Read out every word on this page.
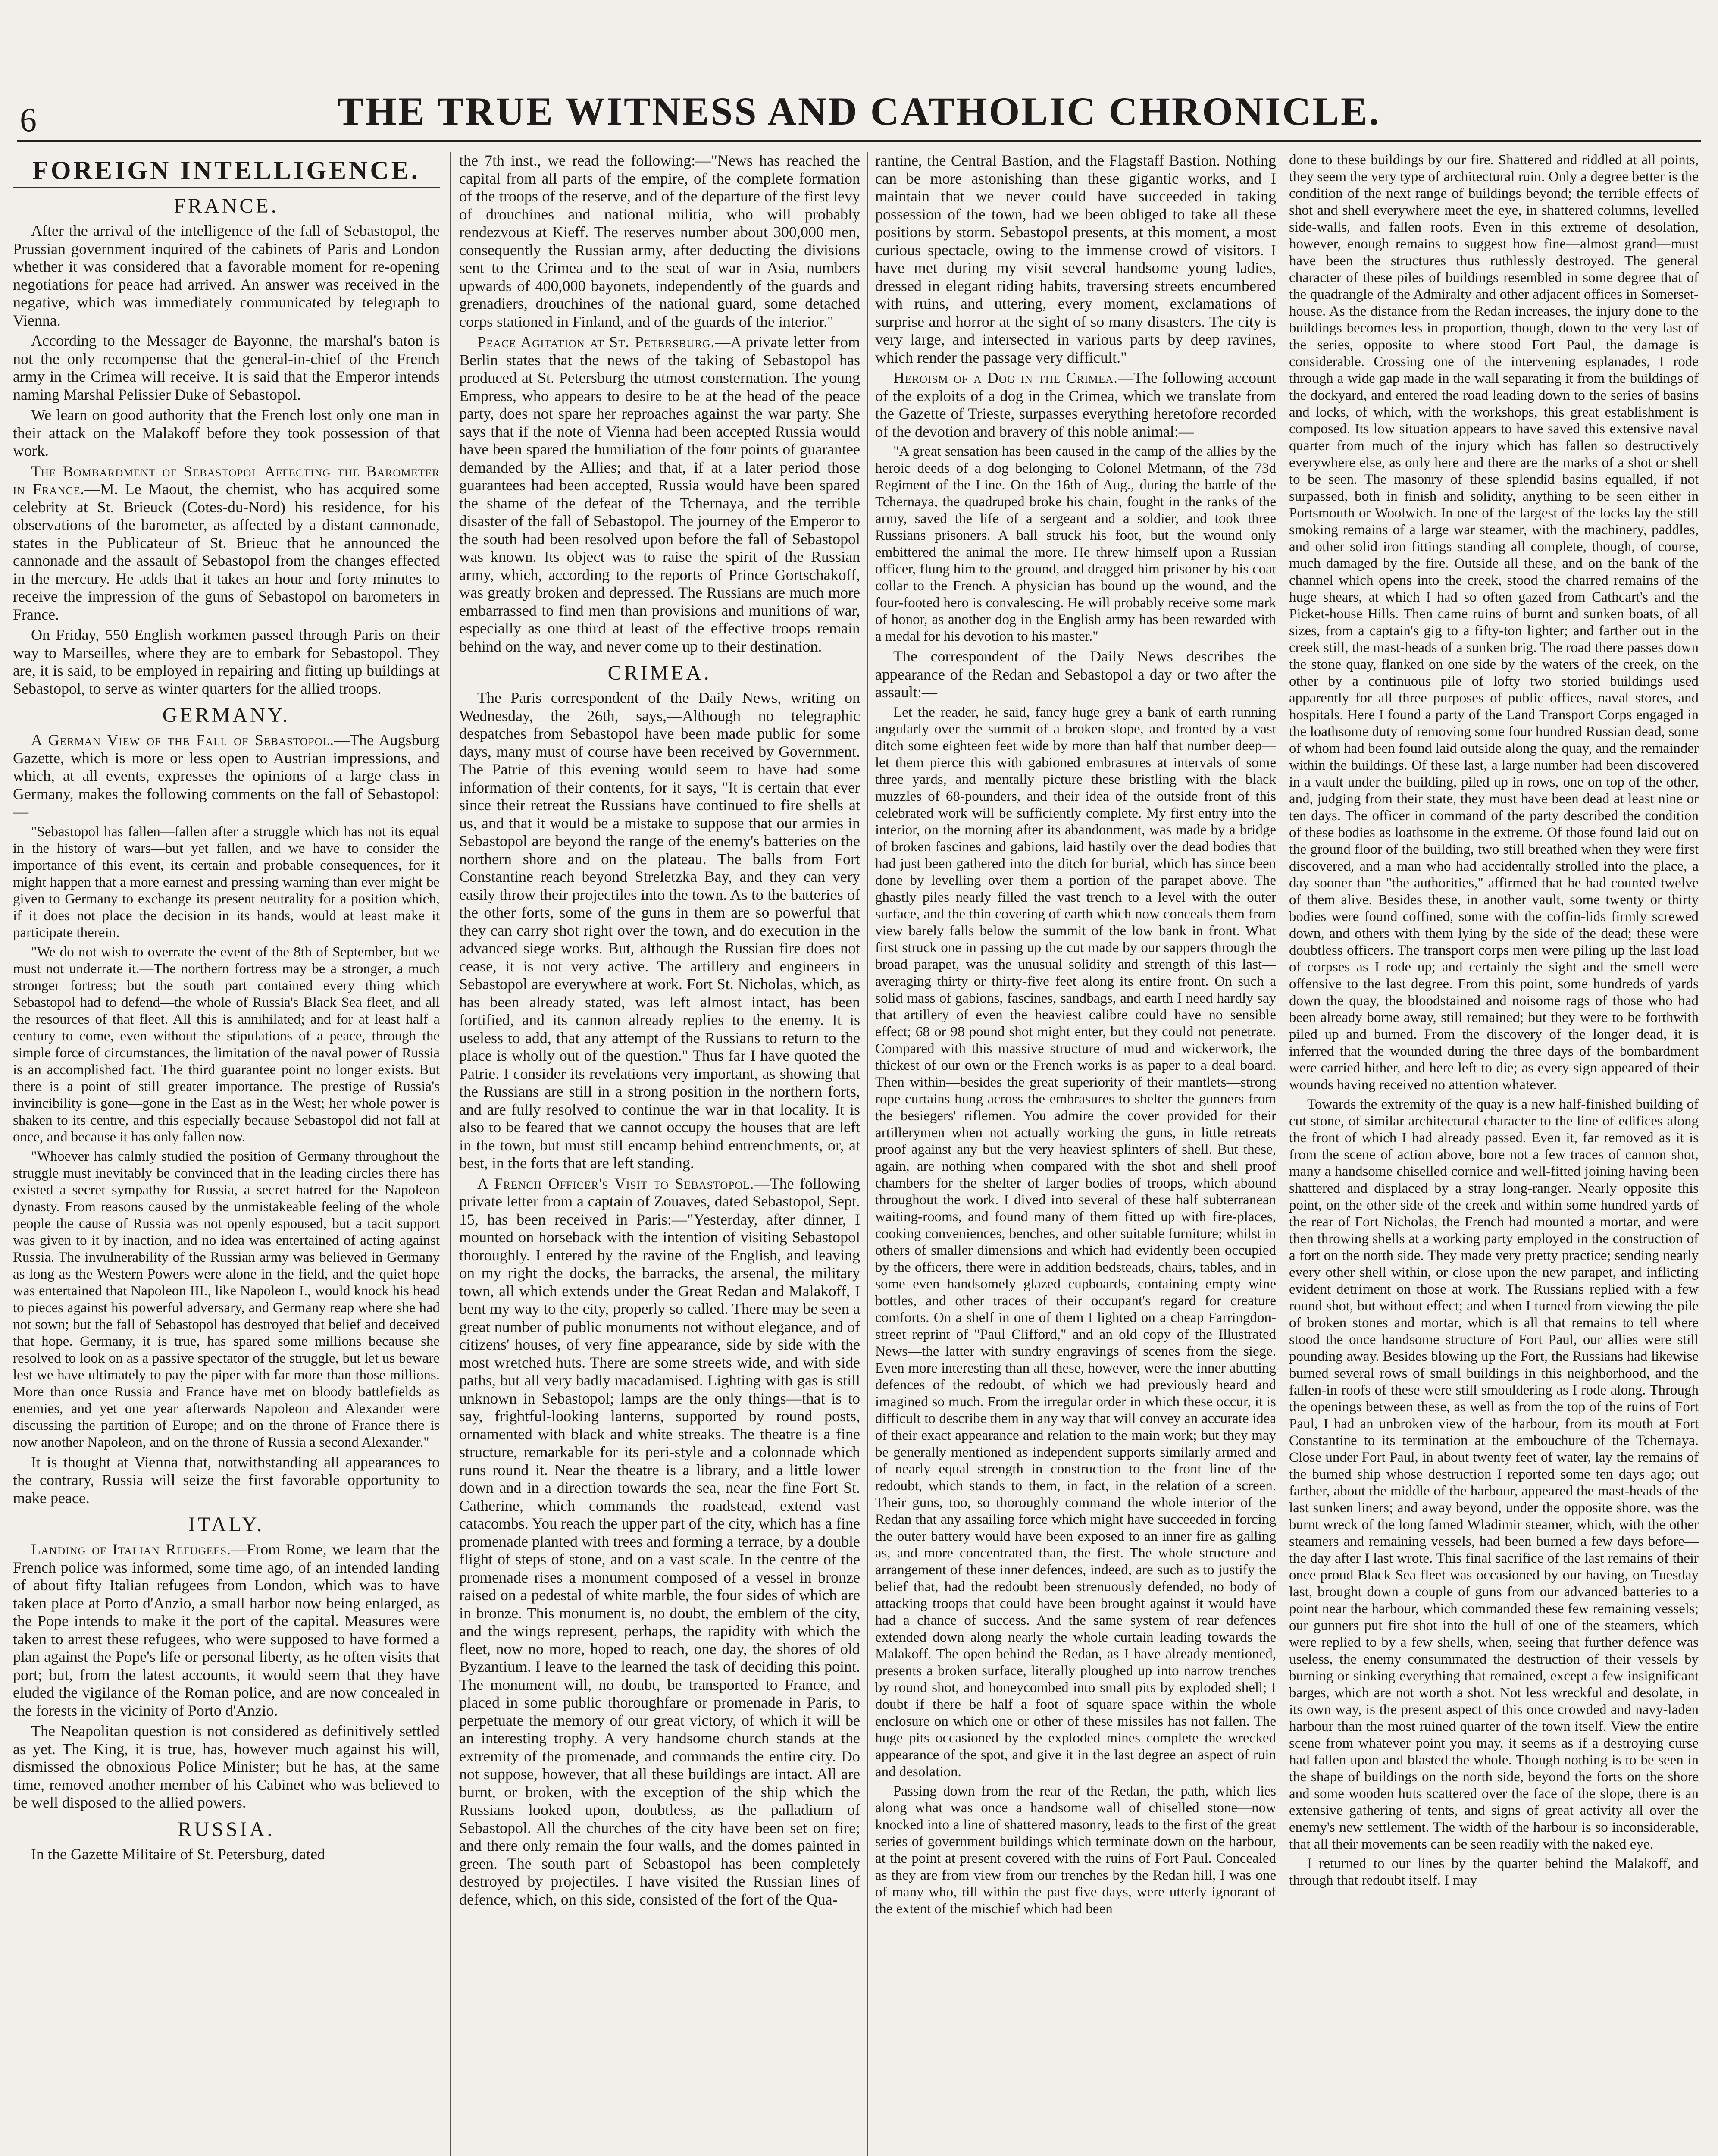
6	THE TRUE WITNESS AND CATHOLIC CHRONICLE.
FOREIGN INTELLIGENCE.
FRANCE.

After the arrival of the intelligence of the fall of Sebastopol, the Prussian government inquired of the cabinets of Paris and London whether it was considered that a favorable moment for re-opening negotiations for peace had arrived. An answer was received in the negative, which was immediately communicated by telegraph to Vienna.

According to the Messager de Bayonne, the marshal's baton is not the only recompense that the general-in-chief of the French army in the Crimea will receive. It is said that the Emperor intends naming Marshal Pelissier Duke of Sebastopol.

We learn on good authority that the French lost only one man in their attack on the Malakoff before they took possession of that work.

The Bombardment of Sebastopol Affecting the Barometer in France.—M. Le Maout, the chemist, who has acquired some celebrity at St. Brieuck (Cotes-du-Nord) his residence, for his observations of the barometer, as affected by a distant cannonade, states in the Publicateur of St. Brieuc that he announced the cannonade and the assault of Sebastopol from the changes effected in the mercury. He adds that it takes an hour and forty minutes to receive the impression of the guns of Sebastopol on barometers in France.

On Friday, 550 English workmen passed through Paris on their way to Marseilles, where they are to embark for Sebastopol. They are, it is said, to be employed in repairing and fitting up buildings at Sebastopol, to serve as winter quarters for the allied troops.

GERMANY.

A German View of the Fall of Sebastopol.—The Augsburg Gazette, which is more or less open to Austrian impressions, and which, at all events, expresses the opinions of a large class in Germany, makes the following comments on the fall of Sebastopol:—

"Sebastopol has fallen—fallen after a struggle which has not its equal in the history of wars—but yet fallen, and we have to consider the importance of this event, its certain and probable consequences, for it might happen that a more earnest and pressing warning than ever might be given to Germany to exchange its present neutrality for a position which, if it does not place the decision in its hands, would at least make it participate therein.

"We do not wish to overrate the event of the 8th of September, but we must not underrate it.—The northern fortress may be a stronger, a much stronger fortress; but the south part contained every thing which Sebastopol had to defend—the whole of Russia's Black Sea fleet, and all the resources of that fleet. All this is annihilated; and for at least half a century to come, even without the stipulations of a peace, through the simple force of circumstances, the limitation of the naval power of Russia is an accomplished fact. The third guarantee point no longer exists. But there is a point of still greater importance. The prestige of Russia's invincibility is gone—gone in the East as in the West; her whole power is shaken to its centre, and this especially because Sebastopol did not fall at once, and because it has only fallen now.

"Whoever has calmly studied the position of Germany throughout the struggle must inevitably be convinced that in the leading circles there has existed a secret sympathy for Russia, a secret hatred for the Napoleon dynasty. From reasons caused by the unmistakeable feeling of the whole people the cause of Russia was not openly espoused, but a tacit support was given to it by inaction, and no idea was entertained of acting against Russia. The invulnerability of the Russian army was believed in Germany as long as the Western Powers were alone in the field, and the quiet hope was entertained that Napoleon III., like Napoleon I., would knock his head to pieces against his powerful adversary, and Germany reap where she had not sown; but the fall of Sebastopol has destroyed that belief and deceived that hope. Germany, it is true, has spared some millions because she resolved to look on as a passive spectator of the struggle, but let us beware lest we have ultimately to pay the piper with far more than those millions. More than once Russia and France have met on bloody battlefields as enemies, and yet one year afterwards Napoleon and Alexander were discussing the partition of Europe; and on the throne of France there is now another Napoleon, and on the throne of Russia a second Alexander."

It is thought at Vienna that, notwithstanding all appearances to the contrary, Russia will seize the first favorable opportunity to make peace.

ITALY.

Landing of Italian Refugees.—From Rome, we learn that the French police was informed, some time ago, of an intended landing of about fifty Italian refugees from London, which was to have taken place at Porto d'Anzio, a small harbor now being enlarged, as the Pope intends to make it the port of the capital. Measures were taken to arrest these refugees, who were supposed to have formed a plan against the Pope's life or personal liberty, as he often visits that port; but, from the latest accounts, it would seem that they have eluded the vigilance of the Roman police, and are now concealed in the forests in the vicinity of Porto d'Anzio.

The Neapolitan question is not considered as definitively settled as yet. The King, it is true, has, however much against his will, dismissed the obnoxious Police Minister; but he has, at the same time, removed another member of his Cabinet who was believed to be well disposed to the allied powers.

RUSSIA.

In the Gazette Militaire of St. Petersburg, dated

the 7th inst., we read the following:—"News has reached the capital from all parts of the empire, of the complete formation of the troops of the reserve, and of the departure of the first levy of drouchines and national militia, who will probably rendezvous at Kieff. The reserves number about 300,000 men, consequently the Russian army, after deducting the divisions sent to the Crimea and to the seat of war in Asia, numbers upwards of 400,000 bayonets, independently of the guards and grenadiers, drouchines of the national guard, some detached corps stationed in Finland, and of the guards of the interior."

Peace Agitation at St. Petersburg.—A private letter from Berlin states that the news of the taking of Sebastopol has produced at St. Petersburg the utmost consternation. The young Empress, who appears to desire to be at the head of the peace party, does not spare her reproaches against the war party. She says that if the note of Vienna had been accepted Russia would have been spared the humiliation of the four points of guarantee demanded by the Allies; and that, if at a later period those guarantees had been accepted, Russia would have been spared the shame of the defeat of the Tchernaya, and the terrible disaster of the fall of Sebastopol. The journey of the Emperor to the south had been resolved upon before the fall of Sebastopol was known. Its object was to raise the spirit of the Russian army, which, according to the reports of Prince Gortschakoff, was greatly broken and depressed. The Russians are much more embarrassed to find men than provisions and munitions of war, especially as one third at least of the effective troops remain behind on the way, and never come up to their destination.

CRIMEA.

The Paris correspondent of the Daily News, writing on Wednesday, the 26th, says,—Although no telegraphic despatches from Sebastopol have been made public for some days, many must of course have been received by Government. The Patrie of this evening would seem to have had some information of their contents, for it says, "It is certain that ever since their retreat the Russians have continued to fire shells at us, and that it would be a mistake to suppose that our armies in Sebastopol are beyond the range of the enemy's batteries on the northern shore and on the plateau. The balls from Fort Constantine reach beyond Streletzka Bay, and they can very easily throw their projectiles into the town. As to the batteries of the other forts, some of the guns in them are so powerful that they can carry shot right over the town, and do execution in the advanced siege works. But, although the Russian fire does not cease, it is not very active. The artillery and engineers in Sebastopol are everywhere at work. Fort St. Nicholas, which, as has been already stated, was left almost intact, has been fortified, and its cannon already replies to the enemy. It is useless to add, that any attempt of the Russians to return to the place is wholly out of the question." Thus far I have quoted the Patrie. I consider its revelations very important, as showing that the Russians are still in a strong position in the northern forts, and are fully resolved to continue the war in that locality. It is also to be feared that we cannot occupy the houses that are left in the town, but must still encamp behind entrenchments, or, at best, in the forts that are left standing.

A French Officer's Visit to Sebastopol.—The following private letter from a captain of Zouaves, dated Sebastopol, Sept. 15, has been received in Paris:—"Yesterday, after dinner, I mounted on horseback with the intention of visiting Sebastopol thoroughly. I entered by the ravine of the English, and leaving on my right the docks, the barracks, the arsenal, the military town, all which extends under the Great Redan and Malakoff, I bent my way to the city, properly so called. There may be seen a great number of public monuments not without elegance, and of citizens' houses, of very fine appearance, side by side with the most wretched huts. There are some streets wide, and with side paths, but all very badly macadamised. Lighting with gas is still unknown in Sebastopol; lamps are the only things—that is to say, frightful-looking lanterns, supported by round posts, ornamented with black and white streaks. The theatre is a fine structure, remarkable for its peri-style and a colonnade which runs round it. Near the theatre is a library, and a little lower down and in a direction towards the sea, near the fine Fort St. Catherine, which commands the roadstead, extend vast catacombs. You reach the upper part of the city, which has a fine promenade planted with trees and forming a terrace, by a double flight of steps of stone, and on a vast scale. In the centre of the promenade rises a monument composed of a vessel in bronze raised on a pedestal of white marble, the four sides of which are in bronze. This monument is, no doubt, the emblem of the city, and the wings represent, perhaps, the rapidity with which the fleet, now no more, hoped to reach, one day, the shores of old Byzantium. I leave to the learned the task of deciding this point. The monument will, no doubt, be transported to France, and placed in some public thoroughfare or promenade in Paris, to perpetuate the memory of our great victory, of which it will be an interesting trophy. A very handsome church stands at the extremity of the promenade, and commands the entire city. Do not suppose, however, that all these buildings are intact. All are burnt, or broken, with the exception of the ship which the Russians looked upon, doubtless, as the palladium of Sebastopol. All the churches of the city have been set on fire; and there only remain the four walls, and the domes painted in green. The south part of Sebastopol has been completely destroyed by projectiles. I have visited the Russian lines of defence, which, on this side, consisted of the fort of the Qua-

rantine, the Central Bastion, and the Flagstaff Bastion. Nothing can be more astonishing than these gigantic works, and I maintain that we never could have succeeded in taking possession of the town, had we been obliged to take all these positions by storm. Sebastopol presents, at this moment, a most curious spectacle, owing to the immense crowd of visitors. I have met during my visit several handsome young ladies, dressed in elegant riding habits, traversing streets encumbered with ruins, and uttering, every moment, exclamations of surprise and horror at the sight of so many disasters. The city is very large, and intersected in various parts by deep ravines, which render the passage very difficult."

Heroism of a Dog in the Crimea.—The following account of the exploits of a dog in the Crimea, which we translate from the Gazette of Trieste, surpasses everything heretofore recorded of the devotion and bravery of this noble animal:—

"A great sensation has been caused in the camp of the allies by the heroic deeds of a dog belonging to Colonel Metmann, of the 73d Regiment of the Line. On the 16th of Aug., during the battle of the Tchernaya, the quadruped broke his chain, fought in the ranks of the army, saved the life of a sergeant and a soldier, and took three Russians prisoners. A ball struck his foot, but the wound only embittered the animal the more. He threw himself upon a Russian officer, flung him to the ground, and dragged him prisoner by his coat collar to the French. A physician has bound up the wound, and the four-footed hero is convalescing. He will probably receive some mark of honor, as another dog in the English army has been rewarded with a medal for his devotion to his master."

The correspondent of the Daily News describes the appearance of the Redan and Sebastopol a day or two after the assault:—

Let the reader, he said, fancy huge grey a bank of earth running angularly over the summit of a broken slope, and fronted by a vast ditch some eighteen feet wide by more than half that number deep—let them pierce this with gabioned embrasures at intervals of some three yards, and mentally picture these bristling with the black muzzles of 68-pounders, and their idea of the outside front of this celebrated work will be sufficiently complete. My first entry into the interior, on the morning after its abandonment, was made by a bridge of broken fascines and gabions, laid hastily over the dead bodies that had just been gathered into the ditch for burial, which has since been done by levelling over them a portion of the parapet above. The ghastly piles nearly filled the vast trench to a level with the outer surface, and the thin covering of earth which now conceals them from view barely falls below the summit of the low bank in front. What first struck one in passing up the cut made by our sappers through the broad parapet, was the unusual solidity and strength of this last—averaging thirty or thirty-five feet along its entire front. On such a solid mass of gabions, fascines, sandbags, and earth I need hardly say that artillery of even the heaviest calibre could have no sensible effect; 68 or 98 pound shot might enter, but they could not penetrate. Compared with this massive structure of mud and wickerwork, the thickest of our own or the French works is as paper to a deal board. Then within—besides the great superiority of their mantlets—strong rope curtains hung across the embrasures to shelter the gunners from the besiegers' riflemen. You admire the cover provided for their artillerymen when not actually working the guns, in little retreats proof against any but the very heaviest splinters of shell. But these, again, are nothing when compared with the shot and shell proof chambers for the shelter of larger bodies of troops, which abound throughout the work. I dived into several of these half subterranean waiting-rooms, and found many of them fitted up with fire-places, cooking conveniences, benches, and other suitable furniture; whilst in others of smaller dimensions and which had evidently been occupied by the officers, there were in addition bedsteads, chairs, tables, and in some even handsomely glazed cupboards, containing empty wine bottles, and other traces of their occupant's regard for creature comforts. On a shelf in one of them I lighted on a cheap Farringdon-street reprint of "Paul Clifford," and an old copy of the Illustrated News—the latter with sundry engravings of scenes from the siege. Even more interesting than all these, however, were the inner abutting defences of the redoubt, of which we had previously heard and imagined so much. From the irregular order in which these occur, it is difficult to describe them in any way that will convey an accurate idea of their exact appearance and relation to the main work; but they may be generally mentioned as independent supports similarly armed and of nearly equal strength in construction to the front line of the redoubt, which stands to them, in fact, in the relation of a screen. Their guns, too, so thoroughly command the whole interior of the Redan that any assailing force which might have succeeded in forcing the outer battery would have been exposed to an inner fire as galling as, and more concentrated than, the first. The whole structure and arrangement of these inner defences, indeed, are such as to justify the belief that, had the redoubt been strenuously defended, no body of attacking troops that could have been brought against it would have had a chance of success. And the same system of rear defences extended down along nearly the whole curtain leading towards the Malakoff. The open behind the Redan, as I have already mentioned, presents a broken surface, literally ploughed up into narrow trenches by round shot, and honeycombed into small pits by exploded shell; I doubt if there be half a foot of square space within the whole enclosure on which one or other of these missiles has not fallen. The huge pits occasioned by the exploded mines complete the wrecked appearance of the spot, and give it in the last degree an aspect of ruin and desolation.

Passing down from the rear of the Redan, the path, which lies along what was once a handsome wall of chiselled stone—now knocked into a line of shattered masonry, leads to the first of the great series of government buildings which terminate down on the harbour, at the point at present covered with the ruins of Fort Paul. Concealed as they are from view from our trenches by the Redan hill, I was one of many who, till within the past five days, were utterly ignorant of the extent of the mischief which had been

done to these buildings by our fire. Shattered and riddled at all points, they seem the very type of architectural ruin. Only a degree better is the condition of the next range of buildings beyond; the terrible effects of shot and shell everywhere meet the eye, in shattered columns, levelled side-walls, and fallen roofs. Even in this extreme of desolation, however, enough remains to suggest how fine—almost grand—must have been the structures thus ruthlessly destroyed. The general character of these piles of buildings resembled in some degree that of the quadrangle of the Admiralty and other adjacent offices in Somerset-house. As the distance from the Redan increases, the injury done to the buildings becomes less in proportion, though, down to the very last of the series, opposite to where stood Fort Paul, the damage is considerable. Crossing one of the intervening esplanades, I rode through a wide gap made in the wall separating it from the buildings of the dockyard, and entered the road leading down to the series of basins and locks, of which, with the workshops, this great establishment is composed. Its low situation appears to have saved this extensive naval quarter from much of the injury which has fallen so destructively everywhere else, as only here and there are the marks of a shot or shell to be seen. The masonry of these splendid basins equalled, if not surpassed, both in finish and solidity, anything to be seen either in Portsmouth or Woolwich. In one of the largest of the locks lay the still smoking remains of a large war steamer, with the machinery, paddles, and other solid iron fittings standing all complete, though, of course, much damaged by the fire. Outside all these, and on the bank of the channel which opens into the creek, stood the charred remains of the huge shears, at which I had so often gazed from Cathcart's and the Picket-house Hills. Then came ruins of burnt and sunken boats, of all sizes, from a captain's gig to a fifty-ton lighter; and farther out in the creek still, the mast-heads of a sunken brig. The road there passes down the stone quay, flanked on one side by the waters of the creek, on the other by a continuous pile of lofty two storied buildings used apparently for all three purposes of public offices, naval stores, and hospitals. Here I found a party of the Land Transport Corps engaged in the loathsome duty of removing some four hundred Russian dead, some of whom had been found laid outside along the quay, and the remainder within the buildings. Of these last, a large number had been discovered in a vault under the building, piled up in rows, one on top of the other, and, judging from their state, they must have been dead at least nine or ten days. The officer in command of the party described the condition of these bodies as loathsome in the extreme. Of those found laid out on the ground floor of the building, two still breathed when they were first discovered, and a man who had accidentally strolled into the place, a day sooner than "the authorities," affirmed that he had counted twelve of them alive. Besides these, in another vault, some twenty or thirty bodies were found coffined, some with the coffin-lids firmly screwed down, and others with them lying by the side of the dead; these were doubtless officers. The transport corps men were piling up the last load of corpses as I rode up; and certainly the sight and the smell were offensive to the last degree. From this point, some hundreds of yards down the quay, the bloodstained and noisome rags of those who had been already borne away, still remained; but they were to be forthwith piled up and burned. From the discovery of the longer dead, it is inferred that the wounded during the three days of the bombardment were carried hither, and here left to die; as every sign appeared of their wounds having received no attention whatever.

Towards the extremity of the quay is a new half-finished building of cut stone, of similar architectural character to the line of edifices along the front of which I had already passed. Even it, far removed as it is from the scene of action above, bore not a few traces of cannon shot, many a handsome chiselled cornice and well-fitted joining having been shattered and displaced by a stray long-ranger. Nearly opposite this point, on the other side of the creek and within some hundred yards of the rear of Fort Nicholas, the French had mounted a mortar, and were then throwing shells at a working party employed in the construction of a fort on the north side. They made very pretty practice; sending nearly every other shell within, or close upon the new parapet, and inflicting evident detriment on those at work. The Russians replied with a few round shot, but without effect; and when I turned from viewing the pile of broken stones and mortar, which is all that remains to tell where stood the once handsome structure of Fort Paul, our allies were still pounding away. Besides blowing up the Fort, the Russians had likewise burned several rows of small buildings in this neighborhood, and the fallen-in roofs of these were still smouldering as I rode along. Through the openings between these, as well as from the top of the ruins of Fort Paul, I had an unbroken view of the harbour, from its mouth at Fort Constantine to its termination at the embouchure of the Tchernaya. Close under Fort Paul, in about twenty feet of water, lay the remains of the burned ship whose destruction I reported some ten days ago; out farther, about the middle of the harbour, appeared the mast-heads of the last sunken liners; and away beyond, under the opposite shore, was the burnt wreck of the long famed Wladimir steamer, which, with the other steamers and remaining vessels, had been burned a few days before—the day after I last wrote. This final sacrifice of the last remains of their once proud Black Sea fleet was occasioned by our having, on Tuesday last, brought down a couple of guns from our advanced batteries to a point near the harbour, which commanded these few remaining vessels; our gunners put fire shot into the hull of one of the steamers, which were replied to by a few shells, when, seeing that further defence was useless, the enemy consummated the destruction of their vessels by burning or sinking everything that remained, except a few insignificant barges, which are not worth a shot. Not less wreckful and desolate, in its own way, is the present aspect of this once crowded and navy-laden harbour than the most ruined quarter of the town itself. View the entire scene from whatever point you may, it seems as if a destroying curse had fallen upon and blasted the whole. Though nothing is to be seen in the shape of buildings on the north side, beyond the forts on the shore and some wooden huts scattered over the face of the slope, there is an extensive gathering of tents, and signs of great activity all over the enemy's new settlement. The width of the harbour is so inconsiderable, that all their movements can be seen readily with the naked eye.

I returned to our lines by the quarter behind the Malakoff, and through that redoubt itself. I may
